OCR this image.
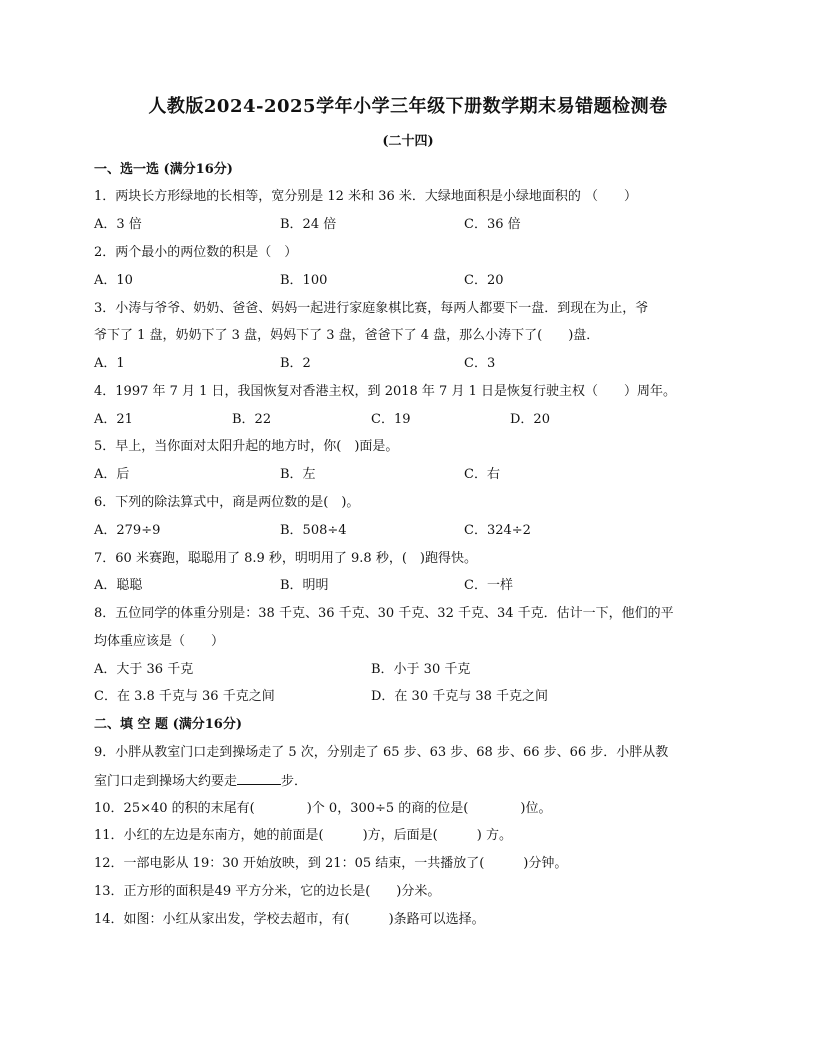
人教版2024-2025学年小学三年级下册数学期末易错题检测卷
(二十四)
一、选一选 (满分16分)
1．两块长方形绿地的长相等，宽分别是 12 米和 36 米．大绿地面积是小绿地面积的 （　　）
A．3 倍	B．24 倍	C．36 倍
2．两个最小的两位数的积是（　）
A．10	B．100	C．20
3．小涛与爷爷、奶奶、爸爸、妈妈一起进行家庭象棋比赛，每两人都要下一盘．到现在为止，爷
爷下了 1 盘，奶奶下了 3 盘，妈妈下了 3 盘，爸爸下了 4 盘，那么小涛下了(　　)盘．
A．1	B．2	C．3
4．1997 年 7 月 1 日，我国恢复对香港主权，到 2018 年 7 月 1 日是恢复行驶主权（　　）周年。
A．21	B．22	C．19	D．20
5．早上，当你面对太阳升起的地方时，你(　)面是。
A．后	B．左	C．右
6．下列的除法算式中，商是两位数的是(　)。
A．279÷9	B．508÷4	C．324÷2
7．60 米赛跑，聪聪用了 8.9 秒，明明用了 9.8 秒，(　)跑得快。
A．聪聪	B．明明	C．一样
8．五位同学的体重分别是：38 千克、36 千克、30 千克、32 千克、34 千克．估计一下，他们的平
均体重应该是（　　）
A．大于 36 千克	B．小于 30 千克
C．在 3.8 千克与 36 千克之间	D．在 30 千克与 38 千克之间
二、填 空 题 (满分16分)
9．小胖从教室门口走到操场走了 5 次，分别走了 65 步、63 步、68 步、66 步、66 步．小胖从教
室门口走到操场大约要走	步．
10．25×40 的积的末尾有(　　　　)个 0，300÷5 的商的位是(　　　　)位。
11．小红的左边是东南方，她的前面是(　　　)方，后面是(　　　) 方。
12．一部电影从 19：30 开始放映，到 21：05 结束，一共播放了(　　　)分钟。
13．正方形的面积是49 平方分米，它的边长是(　　)分米。
14．如图：小红从家出发，学校去超市，有(　　　)条路可以选择。
